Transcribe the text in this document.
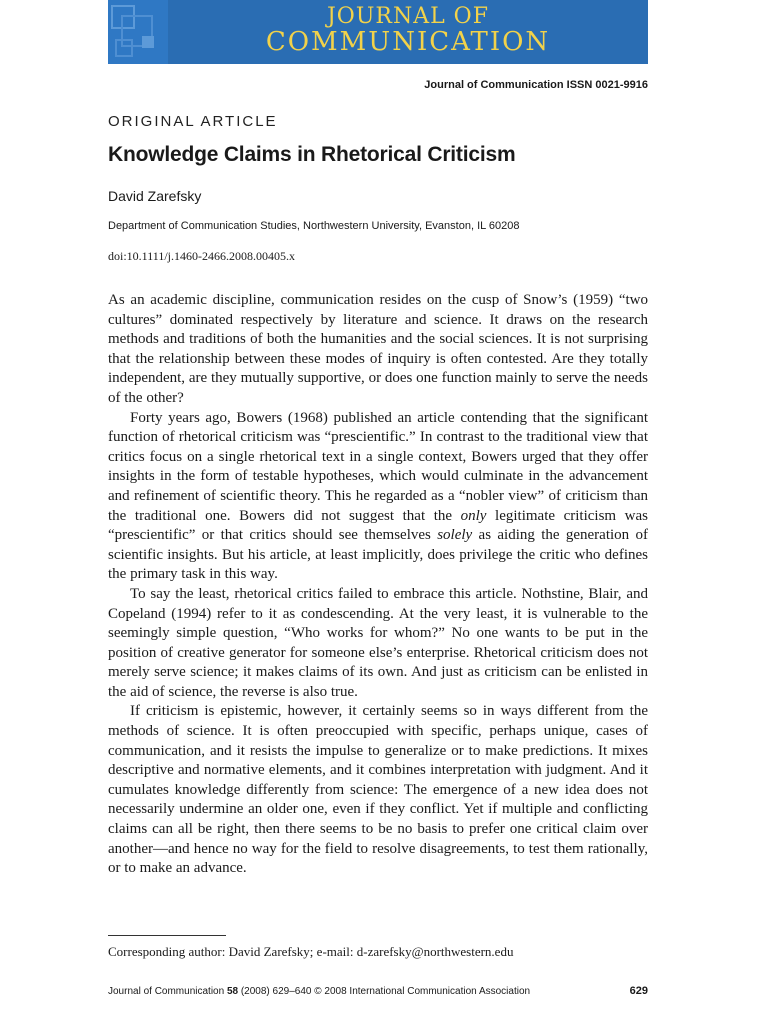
JOURNAL OF
COMMUNICATION
Journal of Communication ISSN 0021-9916
ORIGINAL ARTICLE
Knowledge Claims in Rhetorical Criticism
David Zarefsky
Department of Communication Studies, Northwestern University, Evanston, IL 60208
doi:10.1111/j.1460-2466.2008.00405.x

As an academic discipline, communication resides on the cusp of Snow’s (1959) “two cultures” dominated respectively by literature and science. It draws on the research methods and traditions of both the humanities and the social sciences. It is not surprising that the relationship between these modes of inquiry is often contested. Are they totally independent, are they mutually supportive, or does one function mainly to serve the needs of the other?

Forty years ago, Bowers (1968) published an article contending that the significant function of rhetorical criticism was “prescientific.” In contrast to the traditional view that critics focus on a single rhetorical text in a single context, Bowers urged that they offer insights in the form of testable hypotheses, which would culminate in the advancement and refinement of scientific theory. This he regarded as a “nobler view” of criticism than the traditional one. Bowers did not suggest that the only legitimate criticism was “prescientific” or that critics should see themselves solely as aiding the generation of scientific insights. But his article, at least implicitly, does privilege the critic who defines the primary task in this way.

To say the least, rhetorical critics failed to embrace this article. Nothstine, Blair, and Copeland (1994) refer to it as condescending. At the very least, it is vulnerable to the seemingly simple question, “Who works for whom?” No one wants to be put in the position of creative generator for someone else’s enterprise. Rhetorical criticism does not merely serve science; it makes claims of its own. And just as criticism can be enlisted in the aid of science, the reverse is also true.

If criticism is epistemic, however, it certainly seems so in ways different from the methods of science. It is often preoccupied with specific, perhaps unique, cases of communication, and it resists the impulse to generalize or to make predictions. It mixes descriptive and normative elements, and it combines interpretation with judgment. And it cumulates knowledge differently from science: The emergence of a new idea does not necessarily undermine an older one, even if they conflict. Yet if multiple and conflicting claims can all be right, then there seems to be no basis to prefer one critical claim over another—and hence no way for the field to resolve disagreements, to test them rationally, or to make an advance.

Corresponding author: David Zarefsky; e-mail: d-zarefsky@northwestern.edu
Journal of Communication 58 (2008) 629–640 © 2008 International Communication Association	629
